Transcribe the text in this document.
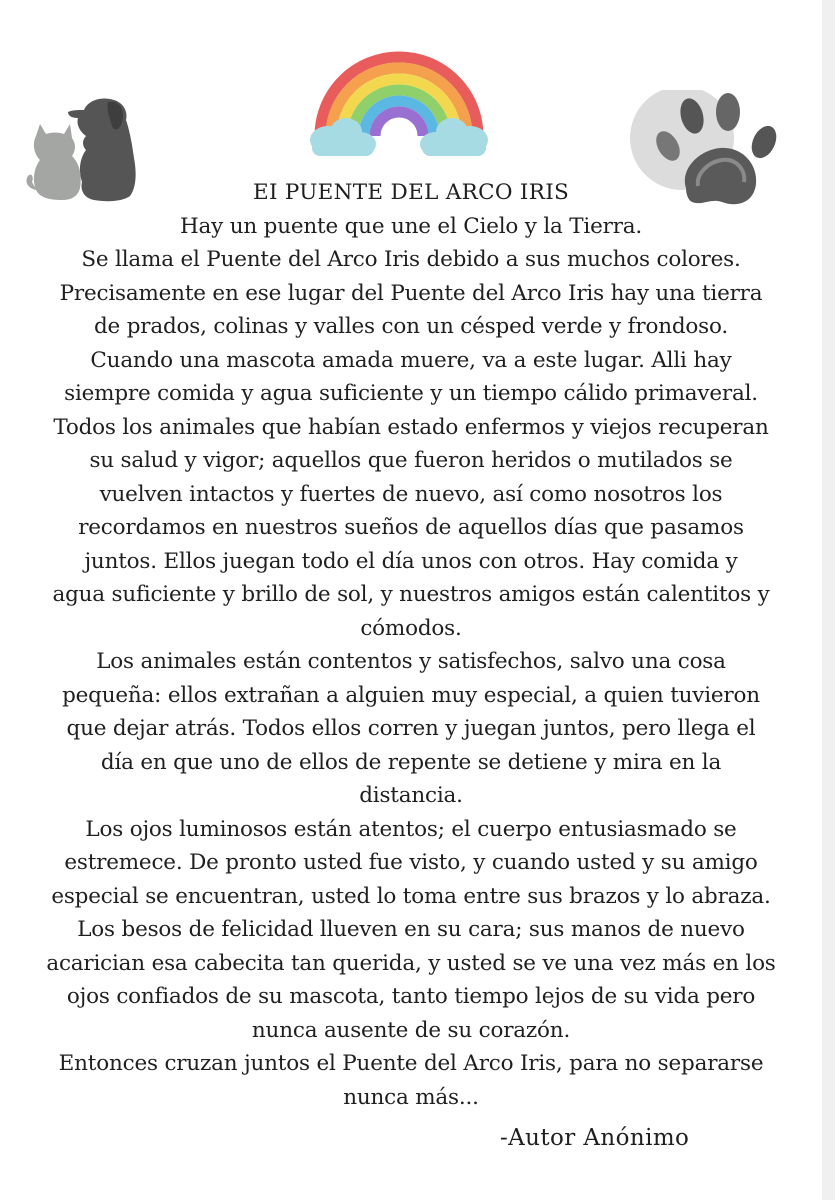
EI PUENTE DEL ARCO IRIS
Hay un puente que une el Cielo y la Tierra.
Se llama el Puente del Arco Iris debido a sus muchos colores.
Precisamente en ese lugar del Puente del Arco Iris hay una tierra
de prados, colinas y valles con un césped verde y frondoso.
Cuando una mascota amada muere, va a este lugar. Alli hay
siempre comida y agua suficiente y un tiempo cálido primaveral.
Todos los animales que habían estado enfermos y viejos recuperan
su salud y vigor; aquellos que fueron heridos o mutilados se
vuelven intactos y fuertes de nuevo, así como nosotros los
recordamos en nuestros sueños de aquellos días que pasamos
juntos. Ellos juegan todo el día unos con otros. Hay comida y
agua suficiente y brillo de sol, y nuestros amigos están calentitos y
cómodos.
Los animales están contentos y satisfechos, salvo una cosa
pequeña: ellos extrañan a alguien muy especial, a quien tuvieron
que dejar atrás. Todos ellos corren y juegan juntos, pero llega el
día en que uno de ellos de repente se detiene y mira en la
distancia.
Los ojos luminosos están atentos; el cuerpo entusiasmado se
estremece. De pronto usted fue visto, y cuando usted y su amigo
especial se encuentran, usted lo toma entre sus brazos y lo abraza.
Los besos de felicidad llueven en su cara; sus manos de nuevo
acarician esa cabecita tan querida, y usted se ve una vez más en los
ojos confiados de su mascota, tanto tiempo lejos de su vida pero
nunca ausente de su corazón.
Entonces cruzan juntos el Puente del Arco Iris, para no separarse
nunca más...
-Autor Anónimo
